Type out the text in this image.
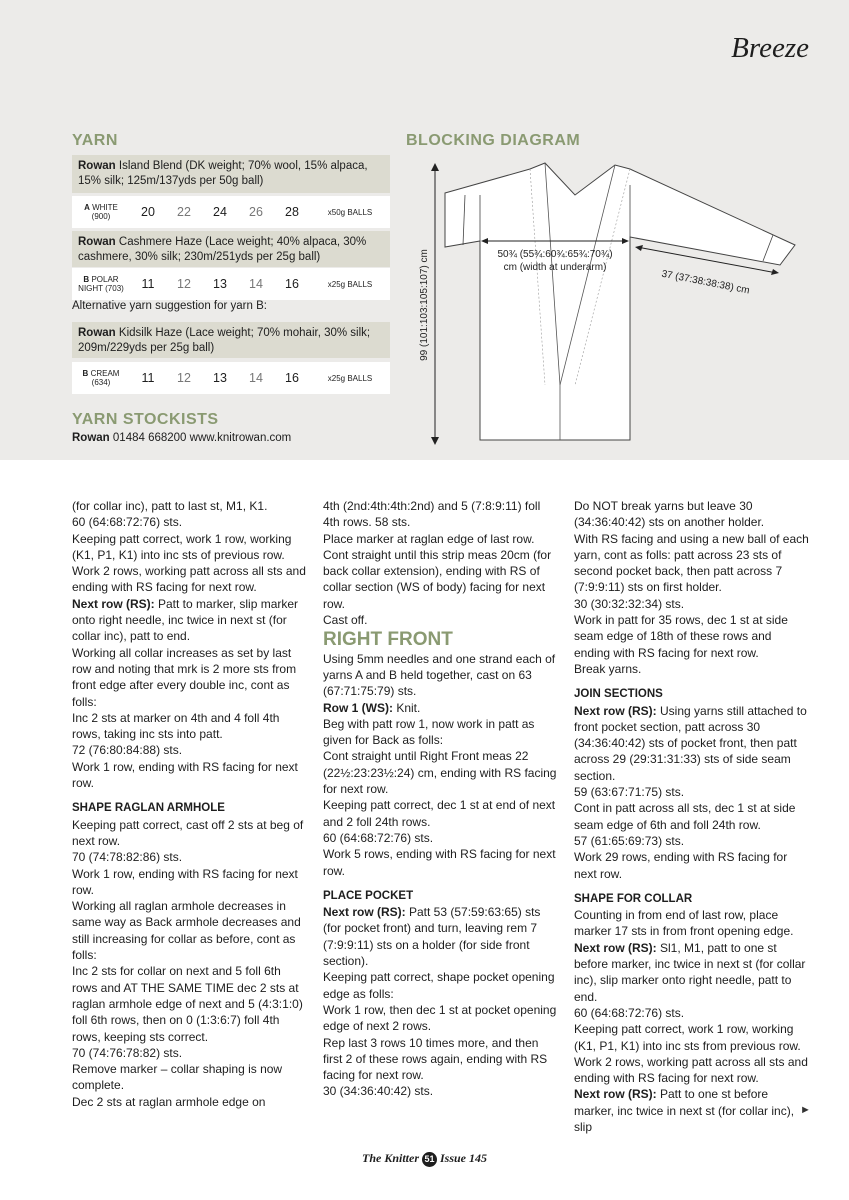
Breeze
YARN
Rowan Island Blend (DK weight; 70% wool, 15% alpaca, 15% silk; 125m/137yds per 50g ball)
A WHITE
(900)	20	22	24	26	28	x50g BALLS
Rowan Cashmere Haze (Lace weight; 40% alpaca, 30% cashmere, 30% silk; 230m/251yds per 25g ball)
B POLAR
NIGHT (703)	11	12	13	14	16	x25g BALLS
Alternative yarn suggestion for yarn B:
Rowan Kidsilk Haze (Lace weight; 70% mohair, 30% silk; 209m/229yds per 25g ball)
B CREAM
(634)	11	12	13	14	16	x25g BALLS
YARN STOCKISTS
Rowan 01484 668200 www.knitrowan.com
BLOCKING DIAGRAM
99 (101:103:105:107) cm	50¾ (55¾:60¾:65¾:70¾)
cm (width at underarm)
37 (37:38:38:38) cm

(for collar inc), patt to last st, M1, K1.

60 (64:68:72:76) sts.

Keeping patt correct, work 1 row, working (K1, P1, K1) into inc sts of previous row.

Work 2 rows, working patt across all sts and ending with RS facing for next row.

Next row (RS): Patt to marker, slip marker onto right needle, inc twice in next st (for collar inc), patt to end.

Working all collar increases as set by last row and noting that mrk is 2 more sts from front edge after every double inc, cont as folls:

Inc 2 sts at marker on 4th and 4 foll 4th rows, taking inc sts into patt.

72 (76:80:84:88) sts.

Work 1 row, ending with RS facing for next row.

SHAPE RAGLAN ARMHOLE

Keeping patt correct, cast off 2 sts at beg of next row.

70 (74:78:82:86) sts.

Work 1 row, ending with RS facing for next row.

Working all raglan armhole decreases in same way as Back armhole decreases and still increasing for collar as before, cont as folls:

Inc 2 sts for collar on next and 5 foll 6th rows and AT THE SAME TIME dec 2 sts at raglan armhole edge of next and 5 (4:3:1:0) foll 6th rows, then on 0 (1:3:6:7) foll 4th rows, keeping sts correct.

70 (74:76:78:82) sts.

Remove marker – collar shaping is now complete.

Dec 2 sts at raglan armhole edge on

4th (2nd:4th:4th:2nd) and 5 (7:8:9:11) foll 4th rows. 58 sts.

Place marker at raglan edge of last row.

Cont straight until this strip meas 20cm (for back collar extension), ending with RS of collar section (WS of body) facing for next row.

Cast off.

RIGHT FRONT

Using 5mm needles and one strand each of yarns A and B held together, cast on 63 (67:71:75:79) sts.

Row 1 (WS): Knit.

Beg with patt row 1, now work in patt as given for Back as folls:

Cont straight until Right Front meas 22 (22½:23:23½:24) cm, ending with RS facing for next row.

Keeping patt correct, dec 1 st at end of next and 2 foll 24th rows.

60 (64:68:72:76) sts.

Work 5 rows, ending with RS facing for next row.

PLACE POCKET

Next row (RS): Patt 53 (57:59:63:65) sts (for pocket front) and turn, leaving rem 7 (7:9:9:11) sts on a holder (for side front section).

Keeping patt correct, shape pocket opening edge as folls:

Work 1 row, then dec 1 st at pocket opening edge of next 2 rows.

Rep last 3 rows 10 times more, and then first 2 of these rows again, ending with RS facing for next row.

30 (34:36:40:42) sts.

Do NOT break yarns but leave 30 (34:36:40:42) sts on another holder.

With RS facing and using a new ball of each yarn, cont as folls: patt across 23 sts of second pocket back, then patt across 7 (7:9:9:11) sts on first holder.

30 (30:32:32:34) sts.

Work in patt for 35 rows, dec 1 st at side seam edge of 18th of these rows and ending with RS facing for next row.

Break yarns.

JOIN SECTIONS

Next row (RS): Using yarns still attached to front pocket section, patt across 30 (34:36:40:42) sts of pocket front, then patt across 29 (29:31:31:33) sts of side seam section.

59 (63:67:71:75) sts.

Cont in patt across all sts, dec 1 st at side seam edge of 6th and foll 24th row.

57 (61:65:69:73) sts.

Work 29 rows, ending with RS facing for next row.

SHAPE FOR COLLAR

Counting in from end of last row, place marker 17 sts in from front opening edge.

Next row (RS): Sl1, M1, patt to one st before marker, inc twice in next st (for collar inc), slip marker onto right needle, patt to end.

60 (64:68:72:76) sts.

Keeping patt correct, work 1 row, working (K1, P1, K1) into inc sts from previous row.

Work 2 rows, working patt across all sts and ending with RS facing for next row.

Next row (RS): Patt to one st before marker, inc twice in next st (for collar inc), slip

►
The Knitter 51 Issue 145
